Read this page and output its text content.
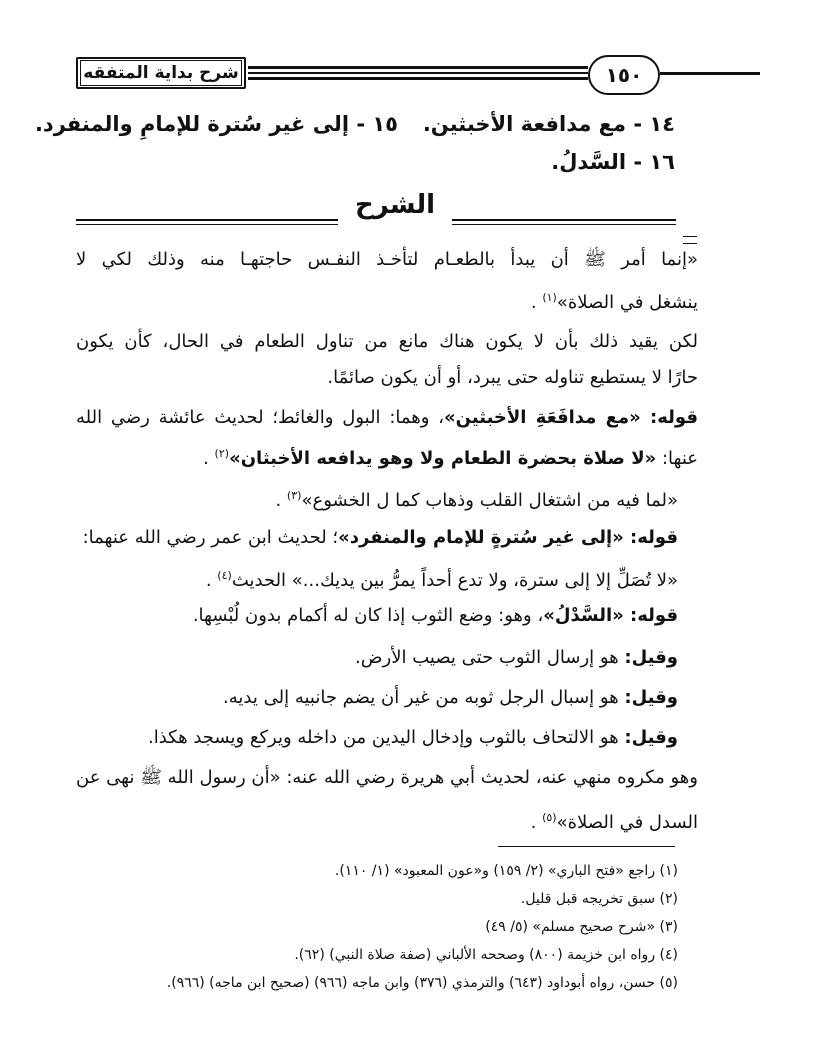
شرح بداية المتفقه	١٥٠
١٤ - مع مدافعة الأخبثين.
١٥ - إلى غير سُترة للإمامِ والمنفرد.
١٦ - السَّدلُ.
الشرح
«إنما أمر ﷺ أن يبدأ بالطعـام لتأخـذ النفـس حاجتهـا منه وذلك لكي لا
ينشغل في الصلاة»$^{(١)}$ .
لكن يقيد ذلك بأن لا يكون هناك مانع من تناول الطعام في الحال، كأن يكون
حارًا لا يستطيع تناوله حتى يبرد، أو أن يكون صائمًا.
قوله: «مع مدافَعَةِ الأخبثين»، وهما: البول والغائط؛ لحديث عائشة رضي الله
عنها: «لا صلاة بحضرة الطعام ولا وهو يدافعه الأخبثان»$^{(٢)}$ .
«لما فيه من اشتغال القلب وذهاب كما ل الخشوع»$^{(٣)}$ .
قوله: «إلى غير سُترةٍ للإمام والمنفرد»؛ لحديث ابن عمر رضي الله عنهما:
«لا تُصَلِّ إلا إلى سترة، ولا تدع أحداً يمرُّ بين يديك...» الحديث$^{(٤)}$ .
قوله: «السَّدْلُ»، وهو: وضع الثوب إذا كان له أكمام بدون لُبْسِها.
وقيل: هو إرسال الثوب حتى يصيب الأرض.
وقيل: هو إسبال الرجل ثوبه من غير أن يضم جانبيه إلى يديه.
وقيل: هو الالتحاف بالثوب وإدخال اليدين من داخله ويركع ويسجد هكذا.
وهو مكروه منهي عنه، لحديث أبي هريرة رضي الله عنه: «أن رسول الله ﷺ نهى عن
السدل في الصلاة»$^{(٥)}$ .
(١) راجع «فتح الباري» (٢/ ١٥٩) و«عون المعبود» (١/ ١١٠).
(٢) سبق تخريجه قبل قليل.
(٣) «شرح صحيح مسلم» (٥/ ٤٩)
(٤) رواه ابن خزيمة (٨٠٠) وصححه الألباني (صفة صلاة النبي) (٦٢).
(٥) حسن، رواه أبوداود (٦٤٣) والترمذي (٣٧٦) وابن ماجه (٩٦٦) (صحيح ابن ماجه) (٩٦٦).
